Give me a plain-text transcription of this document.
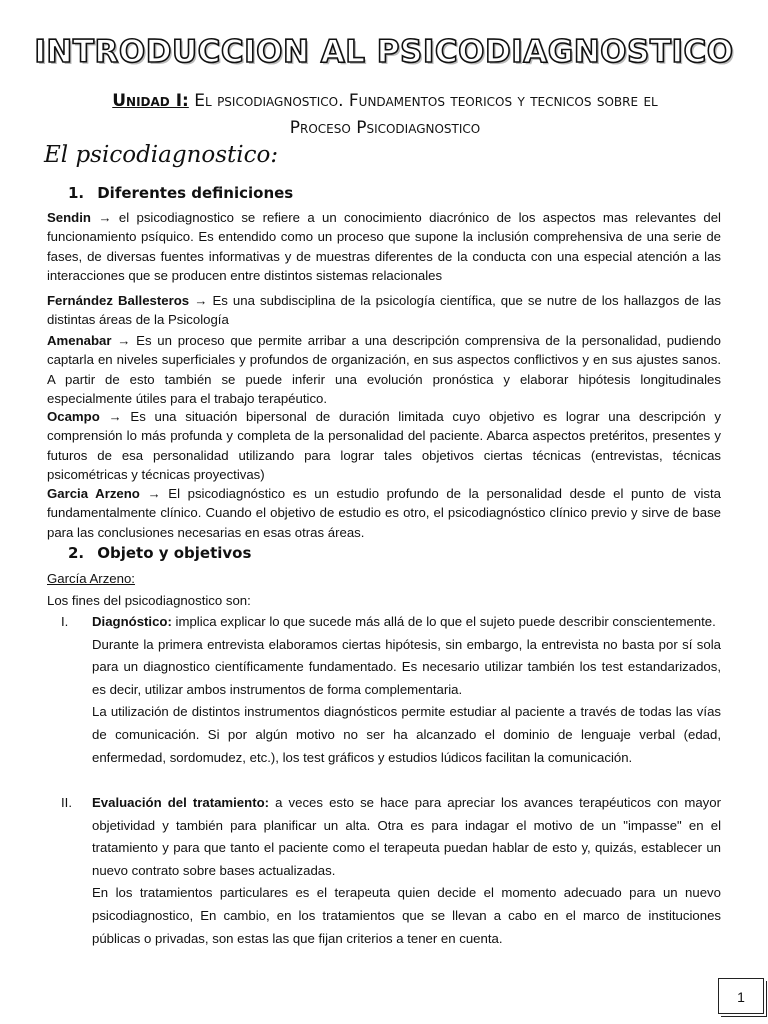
INTRODUCCION AL PSICODIAGNOSTICO
Unidad I: El psicodiagnostico. Fundamentos teoricos y tecnicos sobre el
Proceso Psicodiagnostico
El psicodiagnostico:
1. Diferentes definiciones
Sendin → el psicodiagnostico se refiere a un conocimiento diacrónico de los aspectos mas relevantes del funcionamiento psíquico. Es entendido como un proceso que supone la inclusión comprehensiva de una serie de fases, de diversas fuentes informativas y de muestras diferentes de la conducta con una especial atención a las interacciones que se producen entre distintos sistemas relacionales
Fernández Ballesteros → Es una subdisciplina de la psicología científica, que se nutre de los hallazgos de las distintas áreas de la Psicología
Amenabar → Es un proceso que permite arribar a una descripción comprensiva de la personalidad, pudiendo captarla en niveles superficiales y profundos de organización, en sus aspectos conflictivos y en sus ajustes sanos. A partir de esto también se puede inferir una evolución pronóstica y elaborar hipótesis longitudinales especialmente útiles para el trabajo terapéutico.
Ocampo → Es una situación bipersonal de duración limitada cuyo objetivo es lograr una descripción y comprensión lo más profunda y completa de la personalidad del paciente. Abarca aspectos pretéritos, presentes y futuros de esa personalidad utilizando para lograr tales objetivos ciertas técnicas (entrevistas, técnicas psicométricas y técnicas proyectivas)
Garcia Arzeno → El psicodiagnóstico es un estudio profundo de la personalidad desde el punto de vista fundamentalmente clínico. Cuando el objetivo de estudio es otro, el psicodiagnóstico clínico previo y sirve de base para las conclusiones necesarias en esas otras áreas.
2. Objeto y objetivos
García Arzeno:
Los fines del psicodiagnostico son:
I. Diagnóstico: implica explicar lo que sucede más allá de lo que el sujeto puede describir conscientemente.
Durante la primera entrevista elaboramos ciertas hipótesis, sin embargo, la entrevista no basta por sí sola para un diagnostico científicamente fundamentado. Es necesario utilizar también los test estandarizados, es decir, utilizar ambos instrumentos de forma complementaria.
La utilización de distintos instrumentos diagnósticos permite estudiar al paciente a través de todas las vías de comunicación. Si por algún motivo no ser ha alcanzado el dominio de lenguaje verbal (edad, enfermedad, sordomudez, etc.), los test gráficos y estudios lúdicos facilitan la comunicación.
II. Evaluación del tratamiento: a veces esto se hace para apreciar los avances terapéuticos con mayor objetividad y también para planificar un alta. Otra es para indagar el motivo de un "impasse" en el tratamiento y para que tanto el paciente como el terapeuta puedan hablar de esto y, quizás, establecer un nuevo contrato sobre bases actualizadas.
En los tratamientos particulares es el terapeuta quien decide el momento adecuado para un nuevo psicodiagnostico, En cambio, en los tratamientos que se llevan a cabo en el marco de instituciones públicas o privadas, son estas las que fijan criterios a tener en cuenta.
1
